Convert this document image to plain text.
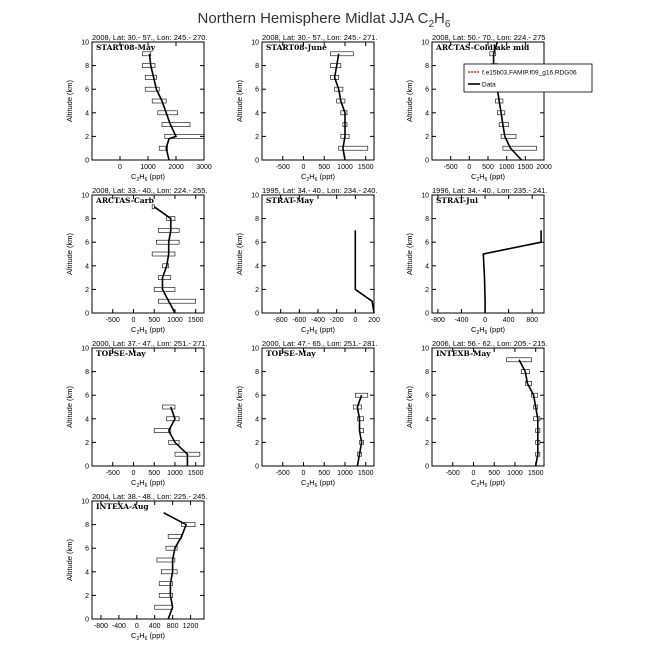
Northern Hemisphere Midlat JJA $C_2H_6$
2008, Lat: 30.- 57., Lon: 245.- 270.
START08-May
0
2
4
6
8
10
0	1000 2000 3000
Altitude (km)
$C_2H_6$ (ppt)
2008, Lat: 30.- 57., Lon: 245.- 271.
START08-June
0
2
4
6
8
10
-500 0 500 1000 1500
Altitude (km)
$C_2H_6$ (ppt)
2008, Lat: 50.- 70., Lon: 224.- 275
ARCTAS-Coldlake mid
0
2
4
6
8
10
-500 0 500 1000 1500 2000
Altitude (km)
$C_2H_6$ (ppt)
f.e15b03.FAMIP.f09_g16.RDG06
Data
2008, Lat: 33.- 40., Lon: 224.- 255.
ARCTAS-Carb
0
2
4
6
8
10
-500 0 500 1000 1500
Altitude (km)
$C_2H_6$ (ppt)
1995, Lat: 34.- 40., Lon: 234.- 240.
STRAT-May
0
2
4
6
8
10
-800 -600 -400 -200 0 200
Altitude (km)
$C_2H_6$ (ppt)
1996, Lat: 34.- 40., Lon: 235.- 241.
STRAT-Jul
0
2
4
6
8
10
-800 -400 0 400 800
Altitude (km)
$C_2H_6$ (ppt)
2000, Lat: 37.- 47., Lon: 251.- 271.
TOPSE-May
0
2
4
6
8
10
-500 0 500 1000 1500
Altitude (km)
$C_2H_6$ (ppt)
2000, Lat: 47.- 65., Lon: 251.- 281.
TOPSE-May
0
2
4
6
8
10
-500 0 500 1000 1500
Altitude (km)
$C_2H_6$ (ppt)
2006, Lat: 56.- 62., Lon: 205.- 215.
INTEXB-May
0
2
4
6
8
10
-500 0 500 1000 1500
Altitude (km)
$C_2H_6$ (ppt)
2004, Lat: 38.- 48., Lon: 225.- 245.
INTEXA-Aug
0
2
4
6
8
10
-800 -400 0 400 800 1200
Altitude (km)
$C_2H_6$ (ppt)
